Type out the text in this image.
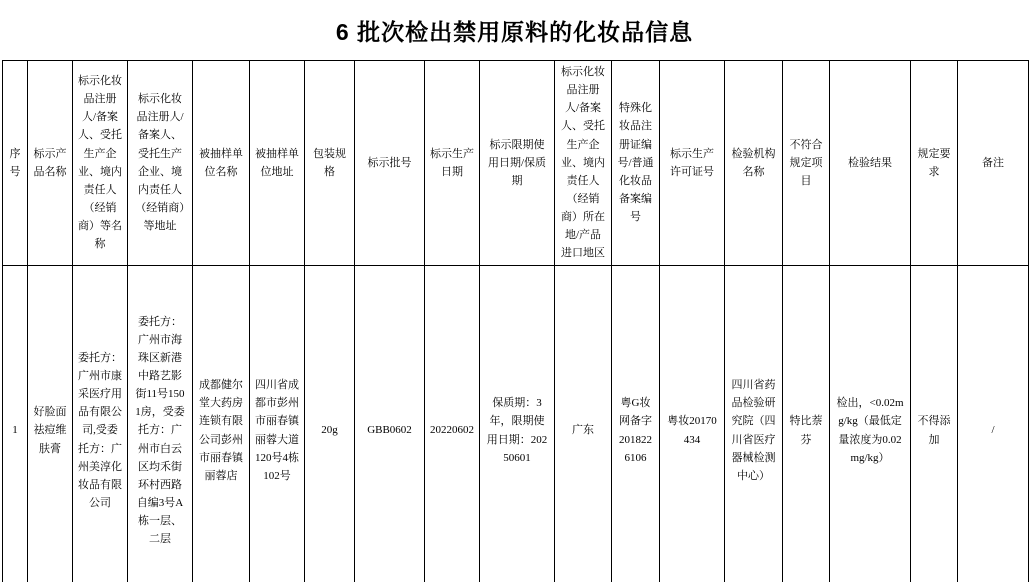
6 批次检出禁用原料的化妆品信息
序号	标示产品名称	标示化妆品注册人/备案人、受托生产企业、境内责任人（经销商）等名称	标示化妆品注册人/备案人、受托生产企业、境内责任人（经销商）等地址	被抽样单位名称	被抽样单位地址	包装规格	标示批号	标示生产日期	标示限期使用日期/保质期	标示化妆品注册人/备案人、受托生产企业、境内责任人（经销商）所在地/产品进口地区	特殊化妆品注册证编号/普通化妆品备案编号	标示生产许可证号	检验机构名称	不符合规定项目	检验结果	规定要求	备注
1	好脸面祛痘维肤膏	委托方：广州市康采医疗用品有限公司,受委托方：广州美淳化妆品有限公司	委托方：广州市海珠区新港中路艺影街11号1501房，受委托方：广州市白云区均禾街环村西路自编3号A栋一层、二层	成都健尔堂大药房连锁有限公司彭州市丽春镇丽蓉店	四川省成都市彭州市丽春镇丽蓉大道120号4栋102号	20g	GBB0602	20220602	保质期：3年，限期使用日期：20250601	广东	粤G妆网备字2018226106	粤妆20170434	四川省药品检验研究院（四川省医疗器械检测中心）	特比萘芬	检出，<0.02mg/kg（最低定量浓度为0.02mg/kg）	不得添加	/
